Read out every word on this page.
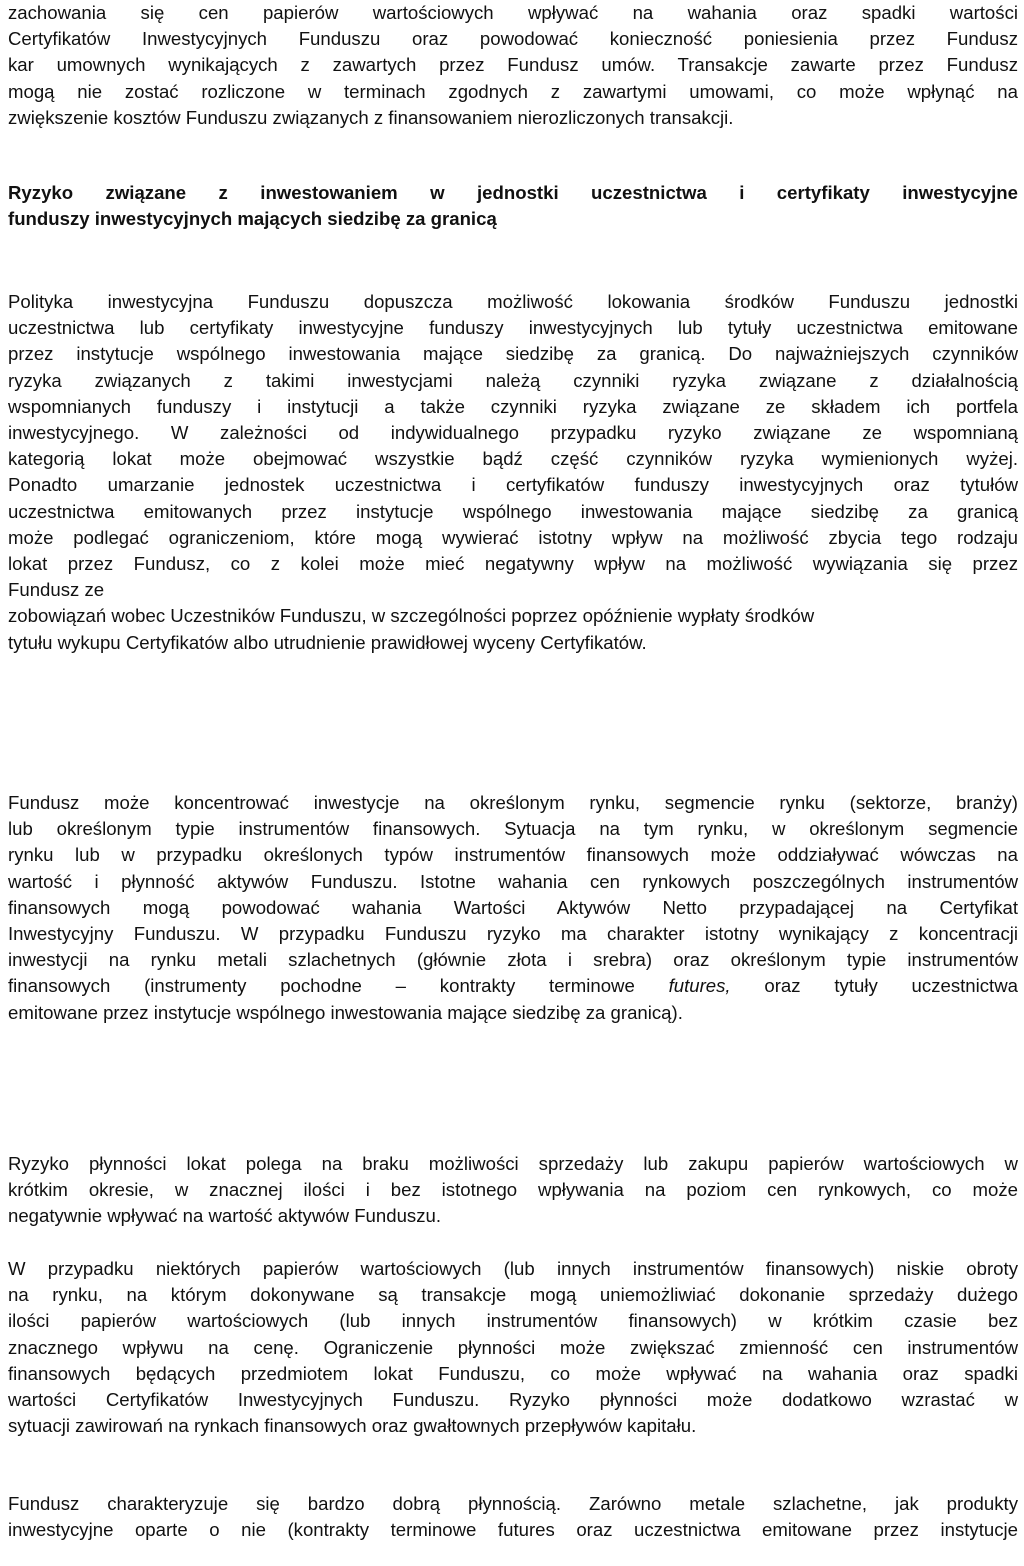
zachowania się cen papierów wartościowych wpływać na wahania oraz spadki wartości
Certyfikatów Inwestycyjnych Funduszu oraz powodować konieczność poniesienia przez Fundusz
kar umownych wynikających z zawartych przez Fundusz umów. Transakcje zawarte przez Fundusz
mogą nie zostać rozliczone w terminach zgodnych z zawartymi umowami, co może wpłynąć na
zwiększenie kosztów Funduszu związanych z finansowaniem nierozliczonych transakcji.
Ryzyko związane z inwestowaniem w jednostki uczestnictwa i certyfikaty inwestycyjne
funduszy inwestycyjnych mających siedzibę za granicą
Polityka inwestycyjna Funduszu dopuszcza możliwość lokowania środków Funduszu jednostki
uczestnictwa lub certyfikaty inwestycyjne funduszy inwestycyjnych lub tytuły uczestnictwa emitowane
przez instytucje wspólnego inwestowania mające siedzibę za granicą. Do najważniejszych czynników
ryzyka związanych z takimi inwestycjami należą czynniki ryzyka związane z działalnością
wspomnianych funduszy i instytucji a także czynniki ryzyka związane ze składem ich portfela
inwestycyjnego. W zależności od indywidualnego przypadku ryzyko związane ze wspomnianą
kategorią lokat może obejmować wszystkie bądź część czynników ryzyka wymienionych wyżej.
Ponadto umarzanie jednostek uczestnictwa i certyfikatów funduszy inwestycyjnych oraz tytułów
uczestnictwa emitowanych przez instytucje wspólnego inwestowania mające siedzibę za granicą
może podlegać ograniczeniom, które mogą wywierać istotny wpływ na możliwość zbycia tego rodzaju
lokat przez Fundusz, co z kolei może mieć negatywny wpływ na możliwość wywiązania się przez
Fundusz ze
zobowiązań wobec Uczestników Funduszu, w szczególności poprzez opóźnienie wypłaty środków
tytułu wykupu Certyfikatów albo utrudnienie prawidłowej wyceny Certyfikatów.
Fundusz może koncentrować inwestycje na określonym rynku, segmencie rynku (sektorze, branży)
lub określonym typie instrumentów finansowych. Sytuacja na tym rynku, w określonym segmencie
rynku lub w przypadku określonych typów instrumentów finansowych może oddziaływać wówczas na
wartość i płynność aktywów Funduszu. Istotne wahania cen rynkowych poszczególnych instrumentów
finansowych mogą powodować wahania Wartości Aktywów Netto przypadającej na Certyfikat
Inwestycyjny Funduszu. W przypadku Funduszu ryzyko ma charakter istotny wynikający z koncentracji
inwestycji na rynku metali szlachetnych (głównie złota i srebra) oraz określonym typie instrumentów
finansowych (instrumenty pochodne – kontrakty terminowe futures, oraz tytuły uczestnictwa
emitowane przez instytucje wspólnego inwestowania mające siedzibę za granicą).
Ryzyko płynności lokat polega na braku możliwości sprzedaży lub zakupu papierów wartościowych w
krótkim okresie, w znacznej ilości i bez istotnego wpływania na poziom cen rynkowych, co może
negatywnie wpływać na wartość aktywów Funduszu.
W przypadku niektórych papierów wartościowych (lub innych instrumentów finansowych) niskie obroty
na rynku, na którym dokonywane są transakcje mogą uniemożliwiać dokonanie sprzedaży dużego
ilości papierów wartościowych (lub innych instrumentów finansowych) w krótkim czasie bez
znacznego wpływu na cenę. Ograniczenie płynności może zwiększać zmienność cen instrumentów
finansowych będących przedmiotem lokat Funduszu, co może wpływać na wahania oraz spadki
wartości Certyfikatów Inwestycyjnych Funduszu. Ryzyko płynności może dodatkowo wzrastać w
sytuacji zawirowań na rynkach finansowych oraz gwałtownych przepływów kapitału.
Fundusz charakteryzuje się bardzo dobrą płynnością. Zarówno metale szlachetne, jak produkty
inwestycyjne oparte o nie (kontrakty terminowe futures oraz uczestnictwa emitowane przez instytucje
